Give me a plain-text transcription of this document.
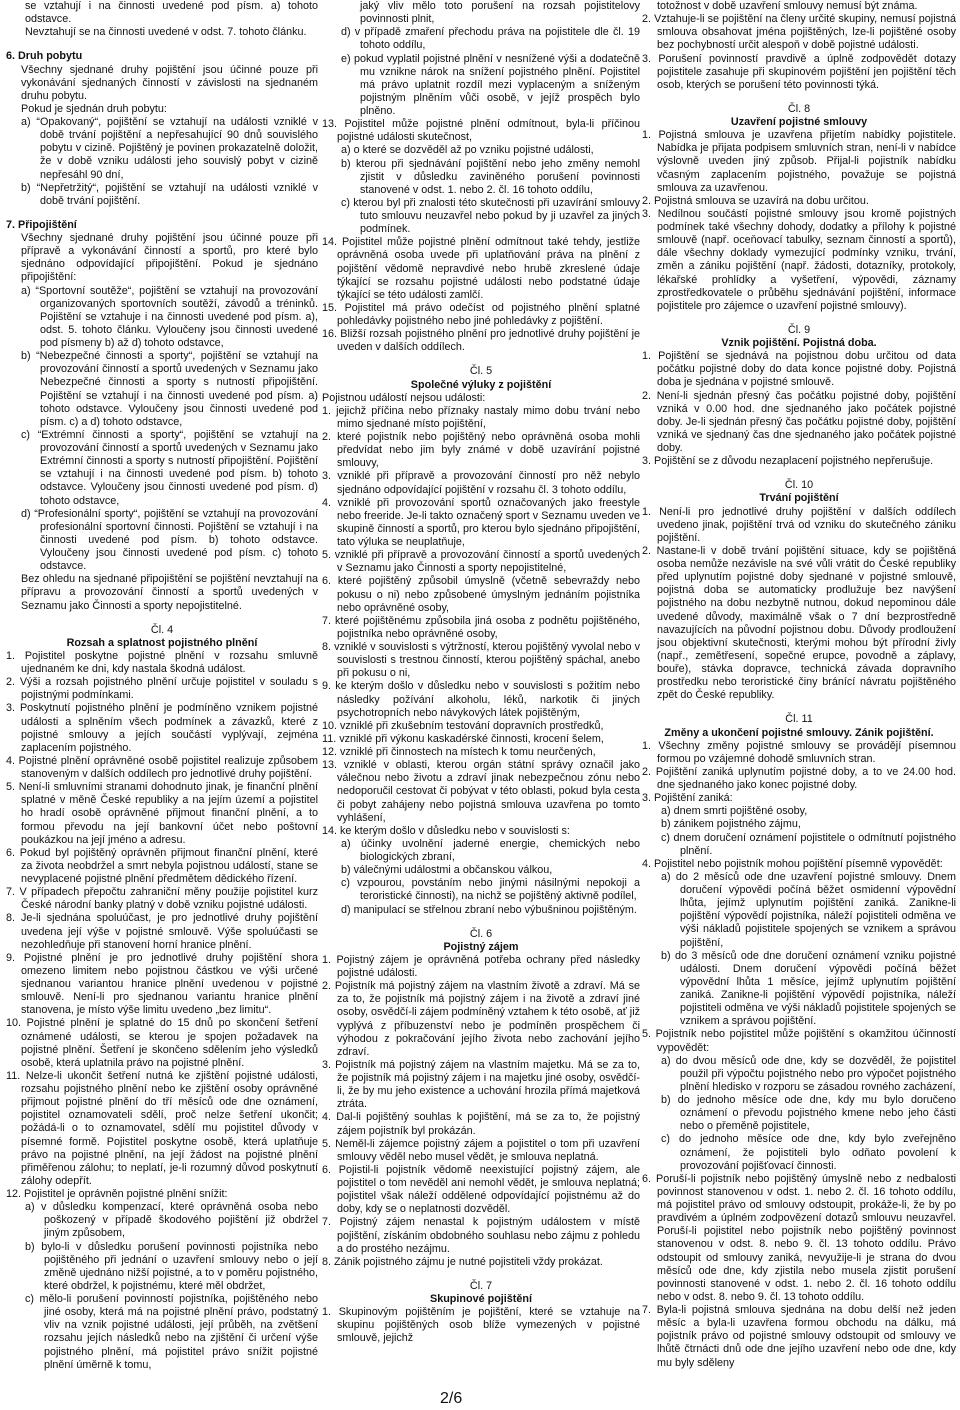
se vztahují i na činnosti uvedené pod písm. a) tohoto odstavce.

Nevztahují se na činnosti uvedené v odst. 7. tohoto článku.

6. Druh pobytu

Všechny sjednané druhy pojištění jsou účinné pouze při vykonávání sjednaných činností v závislosti na sjednaném druhu pobytu.

Pokud je sjednán druh pobytu:

a) “Opakovaný“, pojištění se vztahují na události vzniklé v době trvání pojištění a nepřesahující 90 dnů souvislého pobytu v cizině. Pojištěný je povinen prokazatelně doložit, že v době vzniku události jeho souvislý pobyt v cizině nepřesáhl 90 dní,

b) “Nepřetržitý“, pojištění se vztahují na události vzniklé v době trvání pojištění.

7. Připojištění

Všechny sjednané druhy pojištění jsou účinné pouze při přípravě a vykonávání činností a sportů, pro které bylo sjednáno odpovídající připojištění. Pokud je sjednáno připojištění:

a) “Sportovní soutěže“, pojištění se vztahují na provozování organizovaných sportovních soutěží, závodů a tréninků. Pojištění se vztahuje i na činnosti uvedené pod písm. a), odst. 5. tohoto článku. Vyloučeny jsou činnosti uvedené pod písmeny b) až d) tohoto odstavce,

b) “Nebezpečné činnosti a sporty“, pojištění se vztahují na provozování činností a sportů uvedených v Seznamu jako Nebezpečné činnosti a sporty s nutností připojištění. Pojištění se vztahují i na činnosti uvedené pod písm. a) tohoto odstavce. Vyloučeny jsou činnosti uvedené pod písm. c) a d) tohoto odstavce,

c) “Extrémní činnosti a sporty“, pojištění se vztahují na provozování činností a sportů uvedených v Seznamu jako Extrémní činnosti a sporty s nutností připojištění. Pojištění se vztahují i na činnosti uvedené pod písm. b) tohoto odstavce. Vyloučeny jsou činnosti uvedené pod písm. d) tohoto odstavce,

d) “Profesionální sporty“, pojištění se vztahují na provozování profesionální sportovní činnosti. Pojištění se vztahují i na činnosti uvedené pod písm. b) tohoto odstavce. Vyloučeny jsou činnosti uvedené pod písm. c) tohoto odstavce.

Bez ohledu na sjednané připojištění se pojištění nevztahují na přípravu a provozování činností a sportů uvedených v Seznamu jako Činnosti a sporty nepojistitelné.

Čl. 4

Rozsah a splatnost pojistného plnění

1. Pojistitel poskytne pojistné plnění v rozsahu smluvně ujednaném ke dni, kdy nastala škodná událost.

2. Výši a rozsah pojistného plnění určuje pojistitel v souladu s pojistnými podmínkami.

3. Poskytnutí pojistného plnění je podmíněno vznikem pojistné události a splněním všech podmínek a závazků, které z pojistné smlouvy a jejích součástí vyplývají, zejména zaplacením pojistného.

4. Pojistné plnění oprávněné osobě pojistitel realizuje způsobem stanoveným v dalších oddílech pro jednotlivé druhy pojištění.

5. Není-li smluvními stranami dohodnuto jinak, je finanční plnění splatné v měně České republiky a na jejím území a pojistitel ho hradí osobě oprávněné přijmout finanční plnění, a to formou převodu na její bankovní účet nebo poštovní poukázkou na její jméno a adresu.

6. Pokud byl pojištěný oprávněn přijmout finanční plnění, které za života neobdržel a smrt nebyla pojistnou událostí, stane se nevyplacené pojistné plnění předmětem dědického řízení.

7. V případech přepočtu zahraniční měny použije pojistitel kurz České národní banky platný v době vzniku pojistné události.

8. Je-li sjednána spoluúčast, je pro jednotlivé druhy pojištění uvedena její výše v pojistné smlouvě. Výše spoluúčasti se nezohledňuje při stanovení horní hranice plnění.

9. Pojistné plnění je pro jednotlivé druhy pojištění shora omezeno limitem nebo pojistnou částkou ve výši určené sjednanou variantou hranice plnění uvedenou v pojistné smlouvě. Není-li pro sjednanou variantu hranice plnění stanovena, je místo výše limitu uvedeno „bez limitu“.

10. Pojistné plnění je splatné do 15 dnů po skončení šetření oznámené události, se kterou je spojen požadavek na pojistné plnění. Šetření je skončeno sdělením jeho výsledků osobě, která uplatnila právo na pojistné plnění.

11. Nelze-li ukončit šetření nutná ke zjištění pojistné události, rozsahu pojistného plnění nebo ke zjištění osoby oprávněné přijmout pojistné plnění do tří měsíců ode dne oznámení, pojistitel oznamovateli sdělí, proč nelze šetření ukončit; požádá-li o to oznamovatel, sdělí mu pojistitel důvody v písemné formě. Pojistitel poskytne osobě, která uplatňuje právo na pojistné plnění, na její žádost na pojistné plnění přiměřenou zálohu; to neplatí, je-li rozumný důvod poskytnutí zálohy odepřít.

12. Pojistitel je oprávněn pojistné plnění snížit:

a) v důsledku kompenzací, které oprávněná osoba nebo poškozený v případě škodového pojištění již obdržel jiným způsobem,

b) bylo-li v důsledku porušení povinnosti pojistníka nebo pojištěného při jednání o uzavření smlouvy nebo o její změně ujednáno nižší pojistné, a to v poměru pojistného, které obdržel, k pojistnému, které měl obdržet,

c) mělo-li porušení povinností pojistníka, pojištěného nebo jiné osoby, která má na pojistné plnění právo, podstatný vliv na vznik pojistné události, její průběh, na zvětšení rozsahu jejích následků nebo na zjištění či určení výše pojistného plnění, má pojistitel právo snížit pojistné plnění úměrně k tomu,

jaký vliv mělo toto porušení na rozsah pojistitelovy povinnosti plnit,

d) v případě zmaření přechodu práva na pojistitele dle čl. 19 tohoto oddílu,

e) pokud vyplatil pojistné plnění v nesnížené výši a dodatečně mu vznikne nárok na snížení pojistného plnění. Pojistitel má právo uplatnit rozdíl mezi vyplaceným a sníženým pojistným plněním vůči osobě, v jejíž prospěch bylo plněno.

13. Pojistitel může pojistné plnění odmítnout, byla-li příčinou pojistné události skutečnost,

a) o které se dozvěděl až po vzniku pojistné události,

b) kterou při sjednávání pojištění nebo jeho změny nemohl zjistit v důsledku zaviněného porušení povinnosti stanovené v odst. 1. nebo 2. čl. 16 tohoto oddílu,

c) kterou byl při znalosti této skutečnosti při uzavírání smlouvy tuto smlouvu neuzavřel nebo pokud by ji uzavřel za jiných podmínek.

14. Pojistitel může pojistné plnění odmítnout také tehdy, jestliže oprávněná osoba uvede při uplatňování práva na plnění z pojištění vědomě nepravdivé nebo hrubě zkreslené údaje týkající se rozsahu pojistné události nebo podstatné údaje týkající se této události zamlčí.

15. Pojistitel má právo odečíst od pojistného plnění splatné pohledávky pojistného nebo jiné pohledávky z pojištění.

16. Bližší rozsah pojistného plnění pro jednotlivé druhy pojištění je uveden v dalších oddílech.

Čl. 5

Společné výluky z pojištění

Pojistnou událostí nejsou události:

1. jejichž příčina nebo příznaky nastaly mimo dobu trvání nebo mimo sjednané místo pojištění,

2. které pojistník nebo pojištěný nebo oprávněná osoba mohli předvídat nebo jim byly známé v době uzavírání pojistné smlouvy,

3. vzniklé při přípravě a provozování činností pro něž nebylo sjednáno odpovídající pojištění v rozsahu čl. 3 tohoto oddílu,

4. vzniklé při provozování sportů označovaných jako freestyle nebo freeride. Je-li takto označený sport v Seznamu uveden ve skupině činností a sportů, pro kterou bylo sjednáno připojištění, tato výluka se neuplatňuje,

5. vzniklé při přípravě a provozování činností a sportů uvedených v Seznamu jako Činnosti a sporty nepojistitelné,

6. které pojištěný způsobil úmyslně (včetně sebevraždy nebo pokusu o ni) nebo způsobené úmyslným jednáním pojistníka nebo oprávněné osoby,

7. které pojištěnému způsobila jiná osoba z podnětu pojištěného, pojistníka nebo oprávněné osoby,

8. vzniklé v souvislosti s výtržností, kterou pojištěný vyvolal nebo v souvislosti s trestnou činností, kterou pojištěný spáchal, anebo při pokusu o ni,

9. ke kterým došlo v důsledku nebo v souvislosti s požitím nebo následky požívání alkoholu, léků, narkotik či jiných psychotropních nebo návykových látek pojištěným,

10. vzniklé při zkušebním testování dopravních prostředků,

11. vzniklé při výkonu kaskadérské činnosti, krocení šelem,

12. vzniklé při činnostech na místech k tomu neurčených,

13. vzniklé v oblasti, kterou orgán státní správy označil jako válečnou nebo životu a zdraví jinak nebezpečnou zónu nebo nedoporučil cestovat či pobývat v této oblasti, pokud byla cesta či pobyt zahájeny nebo pojistná smlouva uzavřena po tomto vyhlášení,

14. ke kterým došlo v důsledku nebo v souvislosti s:

a) účinky uvolnění jaderné energie, chemických nebo biologických zbraní,

b) válečnými událostmi a občanskou válkou,

c) vzpourou, povstáním nebo jinými násilnými nepokoji a teroristické činnosti), na nichž se pojištěný aktivně podílel,

d) manipulací se střelnou zbraní nebo výbušninou pojištěným.

Čl. 6

Pojistný zájem

1. Pojistný zájem je oprávněná potřeba ochrany před následky pojistné události.

2. Pojistník má pojistný zájem na vlastním životě a zdraví. Má se za to, že pojistník má pojistný zájem i na životě a zdraví jiné osoby, osvědčí-li zájem podmíněný vztahem k této osobě, ať již vyplývá z příbuzenství nebo je podmíněn prospěchem či výhodou z pokračování jejího života nebo zachování jejího zdraví.

3. Pojistník má pojistný zájem na vlastním majetku. Má se za to, že pojistník má pojistný zájem i na majetku jiné osoby, osvědčí-li, že by mu jeho existence a uchování hrozila přímá majetková ztráta.

4. Dal-li pojištěný souhlas k pojištění, má se za to, že pojistný zájem pojistník byl prokázán.

5. Neměl-li zájemce pojistný zájem a pojistitel o tom při uzavření smlouvy věděl nebo musel vědět, je smlouva neplatná.

6. Pojistil-li pojistník vědomě neexistující pojistný zájem, ale pojistitel o tom nevěděl ani nemohl vědět, je smlouva neplatná; pojistitel však náleží oddělené odpovídající pojistnému až do doby, kdy se o neplatnosti dozvěděl.

7. Pojistný zájem nenastal k pojistným událostem v místě pojištění, získáním obdobného souhlasu nebo zájmu z pohledu a do prostého nezájmu.

8. Zánik pojistného zájmu je nutné pojistiteli vždy prokázat.

Čl. 7

Skupinové pojištění

1. Skupinovým pojištěním je pojištění, které se vztahuje na skupinu pojištěných osob blíže vymezených v pojistné smlouvě, jejichž

totožnost v době uzavření smlouvy nemusí být známa.

2. Vztahuje-li se pojištění na členy určité skupiny, nemusí pojistná smlouva obsahovat jména pojištěných, lze-li pojištěné osoby bez pochybností určit alespoň v době pojistné události.

3. Porušení povinností pravdivě a úplně zodpovědět dotazy pojistitele zasahuje při skupinovém pojištění jen pojištění těch osob, kterých se porušení této povinnosti týká.

Čl. 8

Uzavření pojistné smlouvy

1. Pojistná smlouva je uzavřena přijetím nabídky pojistitele. Nabídka je přijata podpisem smluvních stran, není-li v nabídce výslovně uveden jiný způsob. Přijal-li pojistník nabídku včasným zaplacením pojistného, považuje se pojistná smlouva za uzavřenou.

2. Pojistná smlouva se uzavírá na dobu určitou.

3. Nedílnou součástí pojistné smlouvy jsou kromě pojistných podmínek také všechny dohody, dodatky a přílohy k pojistné smlouvě (např. oceňovací tabulky, seznam činností a sportů), dále všechny doklady vymezující podmínky vzniku, trvání, změn a zániku pojištění (např. žádosti, dotazníky, protokoly, lékařské prohlídky a vyšetření, výpovědi, záznamy zprostředkovatele o průběhu sjednávání pojištění, informace pojistitele pro zájemce o uzavření pojistné smlouvy).

Čl. 9

Vznik pojištění. Pojistná doba.

1. Pojištění se sjednává na pojistnou dobu určitou od data počátku pojistné doby do data konce pojistné doby. Pojistná doba je sjednána v pojistné smlouvě.

2. Není-li sjednán přesný čas počátku pojistné doby, pojištění vzniká v 0.00 hod. dne sjednaného jako počátek pojistné doby. Je-li sjednán přesný čas počátku pojistné doby, pojištění vzniká ve sjednaný čas dne sjednaného jako počátek pojistné doby.

3. Pojištění se z důvodu nezaplacení pojistného nepřerušuje.

Čl. 10

Trvání pojištění

1. Není-li pro jednotlivé druhy pojištění v dalších oddílech uvedeno jinak, pojištění trvá od vzniku do skutečného zániku pojištění.

2. Nastane-li v době trvání pojištění situace, kdy se pojištěná osoba nemůže nezávisle na své vůli vrátit do České republiky před uplynutím pojistné doby sjednané v pojistné smlouvě, pojistná doba se automaticky prodlužuje bez navýšení pojistného na dobu nezbytně nutnou, dokud nepominou dále uvedené důvody, maximálně však o 7 dní bezprostředně navazujících na původní pojistnou dobu. Důvody prodloužení jsou objektivní skutečnosti, kterými mohou být přírodní živly (např., zemětřesení, sopečné erupce, povodně a záplavy, bouře), stávka dopravce, technická závada dopravního prostředku nebo teroristické činy bránící návratu pojištěného zpět do České republiky.

Čl. 11

Změny a ukončení pojistné smlouvy. Zánik pojištění.

1. Všechny změny pojistné smlouvy se provádějí písemnou formou po vzájemné dohodě smluvních stran.

2. Pojištění zaniká uplynutím pojistné doby, a to ve 24.00 hod. dne sjednaného jako konec pojistné doby.

3. Pojištění zaniká:

a) dnem smrti pojištěné osoby,

b) zánikem pojistného zájmu,

c) dnem doručení oznámení pojistitele o odmítnutí pojistného plnění.

4. Pojistitel nebo pojistník mohou pojištění písemně vypovědět:

a) do 2 měsíců ode dne uzavření pojistné smlouvy. Dnem doručení výpovědi počíná běžet osmidenní výpovědní lhůta, jejímž uplynutím pojištění zaniká. Zanikne-li pojištění výpovědí pojistníka, náleží pojistiteli odměna ve výši nákladů pojistitele spojených se vznikem a správou pojištění,

b) do 3 měsíců ode dne doručení oznámení vzniku pojistné události. Dnem doručení výpovědi počíná běžet výpovědní lhůta 1 měsíce, jejímž uplynutím pojištění zaniká. Zanikne-li pojištění výpovědí pojistníka, náleží pojistiteli odměna ve výši nákladů pojistitele spojených se vznikem a správou pojištění.

5. Pojistník nebo pojistitel může pojištění s okamžitou účinností vypovědět:

a) do dvou měsíců ode dne, kdy se dozvěděl, že pojistitel použil při výpočtu pojistného nebo pro výpočet pojistného plnění hledisko v rozporu se zásadou rovného zacházení,

b) do jednoho měsíce ode dne, kdy mu bylo doručeno oznámení o převodu pojistného kmene nebo jeho části nebo o přeměně pojistitele,

c) do jednoho měsíce ode dne, kdy bylo zveřejněno oznámení, že pojistiteli bylo odňato povolení k provozování pojišťovací činnosti.

6. Poruší-li pojistník nebo pojištěný úmyslně nebo z nedbalosti povinnost stanovenou v odst. 1. nebo 2. čl. 16 tohoto oddílu, má pojistitel právo od smlouvy odstoupit, prokáže-li, že by po pravdivém a úplném zodpovězení dotazů smlouvu neuzavřel. Poruší-li pojistitel nebo pojistník nebo pojištěný povinnost stanovenou v odst. 8. nebo 9. čl. 13 tohoto oddílu. Právo odstoupit od smlouvy zaniká, nevyužije-li je strana do dvou měsíců ode dne, kdy zjistila nebo musela zjistit porušení povinnosti stanovené v odst. 1. nebo 2. čl. 16 tohoto oddílu nebo v odst. 8. nebo 9. čl. 13 tohoto oddílu.

7. Byla-li pojistná smlouva sjednána na dobu delší než jeden měsíc a byla-li uzavřena formou obchodu na dálku, má pojistník právo od pojistné smlouvy odstoupit od smlouvy ve lhůtě čtrnácti dnů ode dne jejího uzavření nebo ode dne, kdy mu byly sděleny

2/6
